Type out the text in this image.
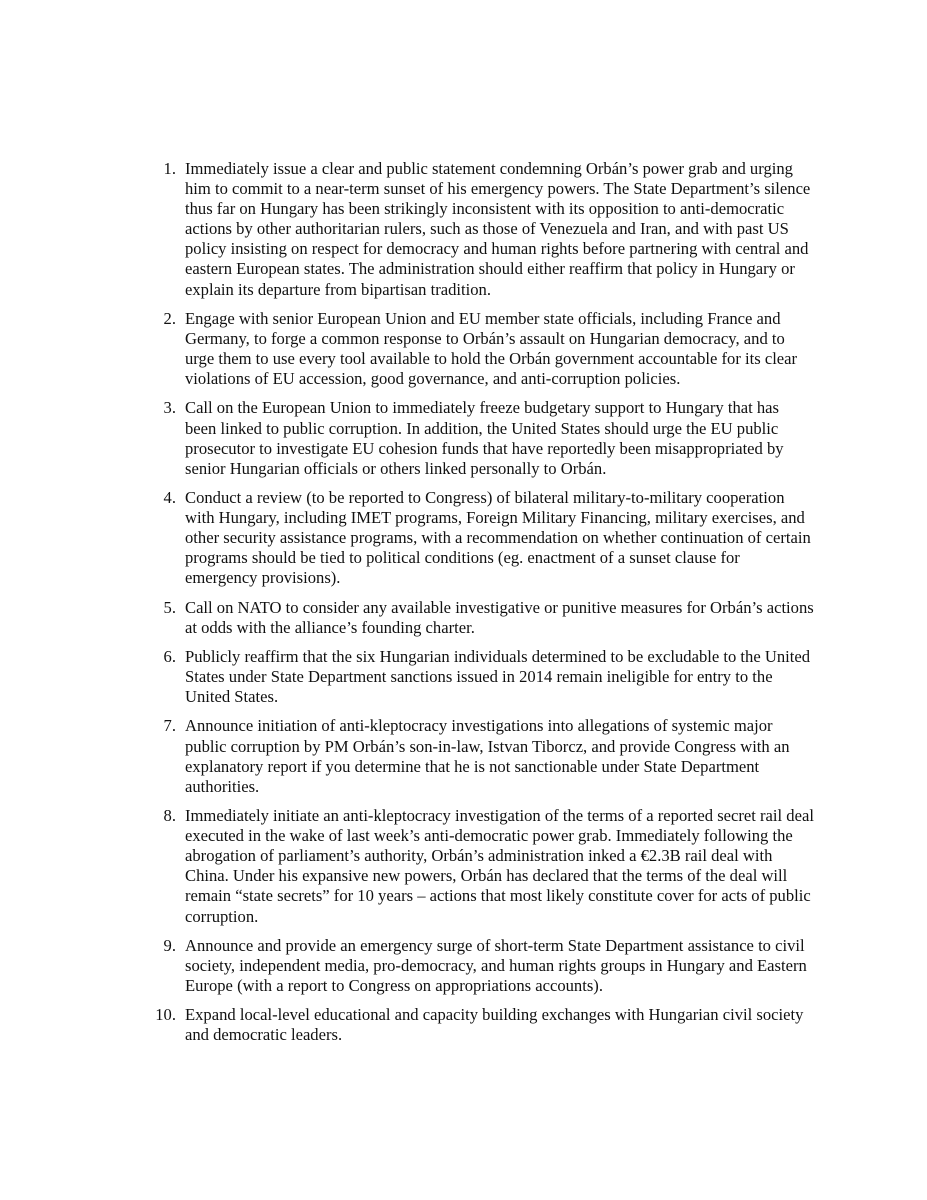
1. Immediately issue a clear and public statement condemning Orbán’s power grab and urging him to commit to a near-term sunset of his emergency powers. The State Department’s silence thus far on Hungary has been strikingly inconsistent with its opposition to anti-democratic actions by other authoritarian rulers, such as those of Venezuela and Iran, and with past US policy insisting on respect for democracy and human rights before partnering with central and eastern European states. The administration should either reaffirm that policy in Hungary or explain its departure from bipartisan tradition.
2. Engage with senior European Union and EU member state officials, including France and Germany, to forge a common response to Orbán’s assault on Hungarian democracy, and to urge them to use every tool available to hold the Orbán government accountable for its clear violations of EU accession, good governance, and anti-corruption policies.
3. Call on the European Union to immediately freeze budgetary support to Hungary that has been linked to public corruption. In addition, the United States should urge the EU public prosecutor to investigate EU cohesion funds that have reportedly been misappropriated by senior Hungarian officials or others linked personally to Orbán.
4. Conduct a review (to be reported to Congress) of bilateral military-to-military cooperation with Hungary, including IMET programs, Foreign Military Financing, military exercises, and other security assistance programs, with a recommendation on whether continuation of certain programs should be tied to political conditions (eg. enactment of a sunset clause for emergency provisions).
5. Call on NATO to consider any available investigative or punitive measures for Orbán’s actions at odds with the alliance’s founding charter.
6. Publicly reaffirm that the six Hungarian individuals determined to be excludable to the United States under State Department sanctions issued in 2014 remain ineligible for entry to the United States.
7. Announce initiation of anti-kleptocracy investigations into allegations of systemic major public corruption by PM Orbán’s son-in-law, Istvan Tiborcz, and provide Congress with an explanatory report if you determine that he is not sanctionable under State Department authorities.
8. Immediately initiate an anti-kleptocracy investigation of the terms of a reported secret rail deal executed in the wake of last week’s anti-democratic power grab. Immediately following the abrogation of parliament’s authority, Orbán’s administration inked a €2.3B rail deal with China. Under his expansive new powers, Orbán has declared that the terms of the deal will remain “state secrets” for 10 years – actions that most likely constitute cover for acts of public corruption.
9. Announce and provide an emergency surge of short-term State Department assistance to civil society, independent media, pro-democracy, and human rights groups in Hungary and Eastern Europe (with a report to Congress on appropriations accounts).
10. Expand local-level educational and capacity building exchanges with Hungarian civil society and democratic leaders.
